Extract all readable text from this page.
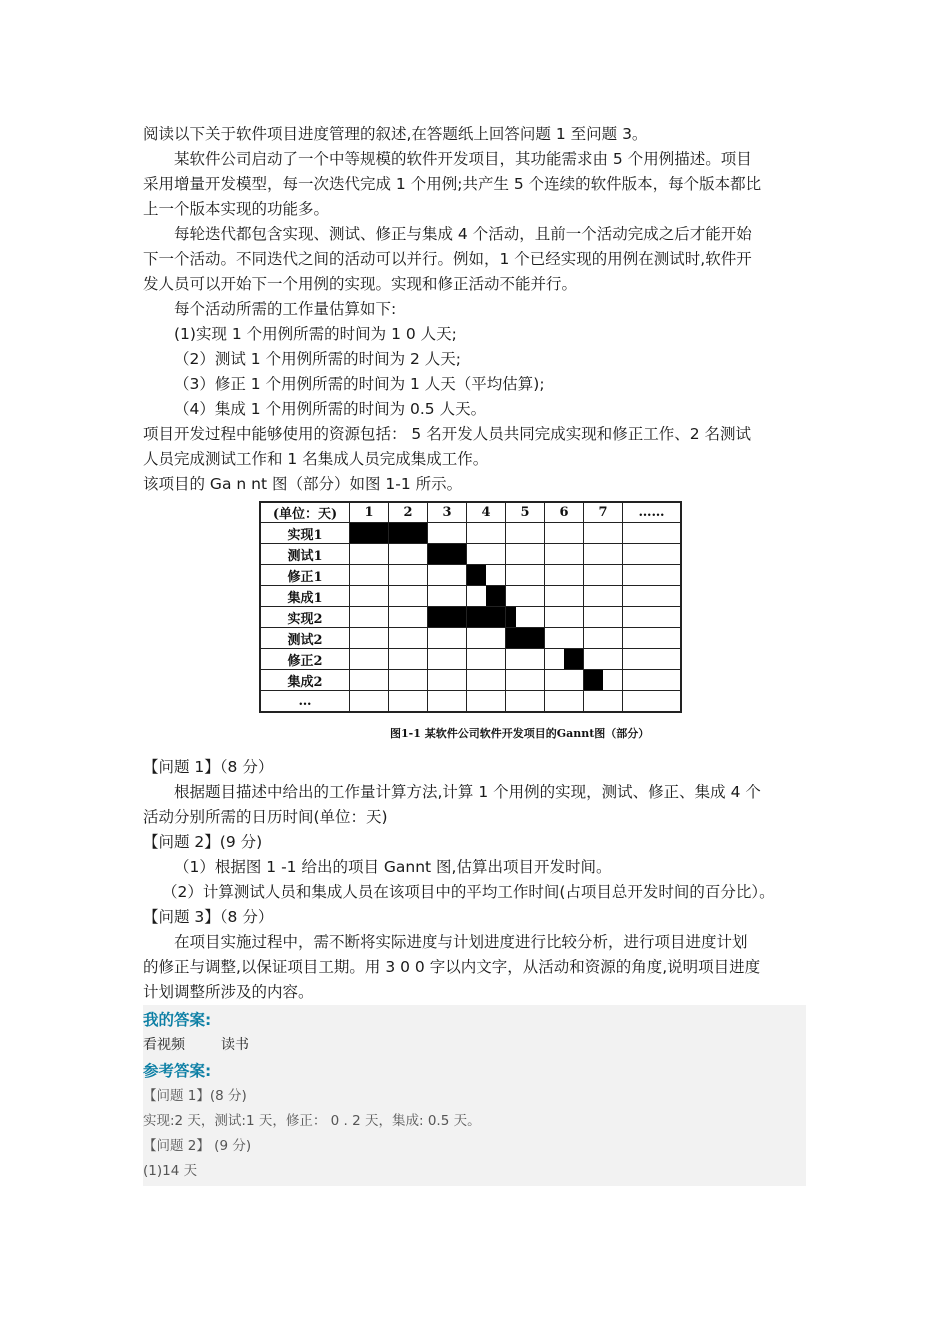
阅读以下关于软件项目进度管理的叙述,在答题纸上回答问题 1 至问题 3。

某软件公司启动了一个中等规模的软件开发项目，其功能需求由 5 个用例描述。项目

采用增量开发模型，每一次迭代完成 1 个用例;共产生 5 个连续的软件版本，每个版本都比

上一个版本实现的功能多。

每轮迭代都包含实现、测试、修正与集成 4 个活动，且前一个活动完成之后才能开始

下一个活动。不同迭代之间的活动可以并行。例如，1 个已经实现的用例在测试时,软件开

发人员可以开始下一个用例的实现。实现和修正活动不能并行。

每个活动所需的工作量估算如下:

(1)实现 1 个用例所需的时间为 1 0 人天;

（2）测试 1 个用例所需的时间为 2 人天;

（3）修正 1 个用例所需的时间为 1 人天（平均估算);

（4）集成 1 个用例所需的时间为 0.5 人天。

项目开发过程中能够使用的资源包括： 5 名开发人员共同完成实现和修正工作、2 名测试

人员完成测试工作和 1 名集成人员完成集成工作。

该项目的 Ga n nt 图（部分）如图 1-1 所示。

(单位：天)	1	2	3	4	5	6	7	……
实现1	

测试1			

修正1				

集成1				

实现2			

测试2					

修正2						

集成2							

…								
图1-1 某软件公司软件开发项目的Gannt图（部分）

【问题 1】（8 分）

根据题目描述中给出的工作量计算方法,计算 1 个用例的实现，测试、修正、集成 4 个

活动分别所需的日历时间(单位：天)

【问题 2】(9 分)

（1）根据图 1 -1 给出的项目 Gannt 图,估算出项目开发时间。

（2）计算测试人员和集成人员在该项目中的平均工作时间(占项目总开发时间的百分比）。

【问题 3】（8 分）

在项目实施过程中，需不断将实际进度与计划进度进行比较分析，进行项目进度计划

的修正与调整,以保证项目工期。用 3 0 0 字以内文字，从活动和资源的角度,说明项目进度

计划调整所涉及的内容。

我的答案:
看视频	读书
参考答案:
【问题 1】(8 分)
实现:2 天，测试:1 天，修正： 0 . 2 天，集成: 0.5 天。
【问题 2】 (9 分)
(1)14 天
